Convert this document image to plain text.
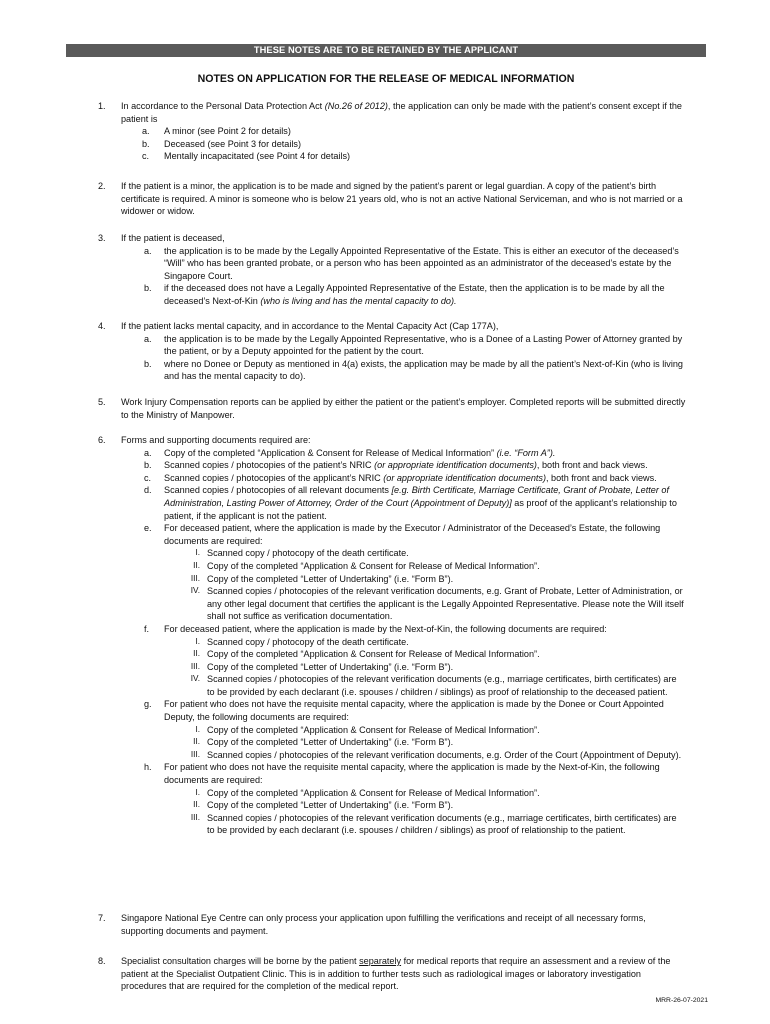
THESE NOTES ARE TO BE RETAINED BY THE APPLICANT
NOTES ON APPLICATION FOR THE RELEASE OF MEDICAL INFORMATION
1. In accordance to the Personal Data Protection Act (No.26 of 2012), the application can only be made with the patient’s consent except if the patient is
a. A minor (see Point 2 for details)
b. Deceased (see Point 3 for details)
c. Mentally incapacitated (see Point 4 for details)
2. If the patient is a minor, the application is to be made and signed by the patient’s parent or legal guardian. A copy of the patient’s birth certificate is required. A minor is someone who is below 21 years old, who is not an active National Serviceman, and who is not married or a widower or widow.
3. If the patient is deceased,
a. the application is to be made by the Legally Appointed Representative of the Estate. This is either an executor of the deceased’s “Will” who has been granted probate, or a person who has been appointed as an administrator of the deceased’s estate by the Singapore Court.
b. if the deceased does not have a Legally Appointed Representative of the Estate, then the application is to be made by all the deceased’s Next-of-Kin (who is living and has the mental capacity to do).
4. If the patient lacks mental capacity, and in accordance to the Mental Capacity Act (Cap 177A),
a. the application is to be made by the Legally Appointed Representative, who is a Donee of a Lasting Power of Attorney granted by the patient, or by a Deputy appointed for the patient by the court.
b. where no Donee or Deputy as mentioned in 4(a) exists, the application may be made by all the patient’s Next-of-Kin (who is living and has the mental capacity to do).
5. Work Injury Compensation reports can be applied by either the patient or the patient’s employer. Completed reports will be submitted directly to the Ministry of Manpower.
6. Forms and supporting documents required are:
a. Copy of the completed “Application & Consent for Release of Medical Information” (i.e. “Form A”).
b. Scanned copies / photocopies of the patient’s NRIC (or appropriate identification documents), both front and back views.
c. Scanned copies / photocopies of the applicant’s NRIC (or appropriate identification documents), both front and back views.
d. Scanned copies / photocopies of all relevant documents [e.g. Birth Certificate, Marriage Certificate, Grant of Probate, Letter of Administration, Lasting Power of Attorney, Order of the Court (Appointment of Deputy)] as proof of the applicant’s relationship to patient, if the applicant is not the patient.
e. For deceased patient, where the application is made by the Executor / Administrator of the Deceased’s Estate, the following documents are required:
I. Scanned copy / photocopy of the death certificate.
II. Copy of the completed “Application & Consent for Release of Medical Information”.
III. Copy of the completed “Letter of Undertaking” (i.e. “Form B”).
IV. Scanned copies / photocopies of the relevant verification documents, e.g. Grant of Probate, Letter of Administration, or any other legal document that certifies the applicant is the Legally Appointed Representative. Please note the Will itself shall not suffice as verification documentation.
f. For deceased patient, where the application is made by the Next-of-Kin, the following documents are required:
I. Scanned copy / photocopy of the death certificate.
II. Copy of the completed “Application & Consent for Release of Medical Information”.
III. Copy of the completed “Letter of Undertaking” (i.e. “Form B”).
IV. Scanned copies / photocopies of the relevant verification documents (e.g., marriage certificates, birth certificates) are to be provided by each declarant (i.e. spouses / children / siblings) as proof of relationship to the deceased patient.
g. For patient who does not have the requisite mental capacity, where the application is made by the Donee or Court Appointed Deputy, the following documents are required:
I. Copy of the completed “Application & Consent for Release of Medical Information”.
II. Copy of the completed “Letter of Undertaking” (i.e. “Form B”).
III. Scanned copies / photocopies of the relevant verification documents, e.g. Order of the Court (Appointment of Deputy).
h. For patient who does not have the requisite mental capacity, where the application is made by the Next-of-Kin, the following documents are required:
I. Copy of the completed “Application & Consent for Release of Medical Information”.
II. Copy of the completed “Letter of Undertaking” (i.e. “Form B”).
III. Scanned copies / photocopies of the relevant verification documents (e.g., marriage certificates, birth certificates) are to be provided by each declarant (i.e. spouses / children / siblings) as proof of relationship to the patient.
7. Singapore National Eye Centre can only process your application upon fulfilling the verifications and receipt of all necessary forms, supporting documents and payment.
8. Specialist consultation charges will be borne by the patient separately for medical reports that require an assessment and a review of the patient at the Specialist Outpatient Clinic. This is in addition to further tests such as radiological images or laboratory investigation procedures that are required for the completion of the medical report.
MRR-26-07-2021
